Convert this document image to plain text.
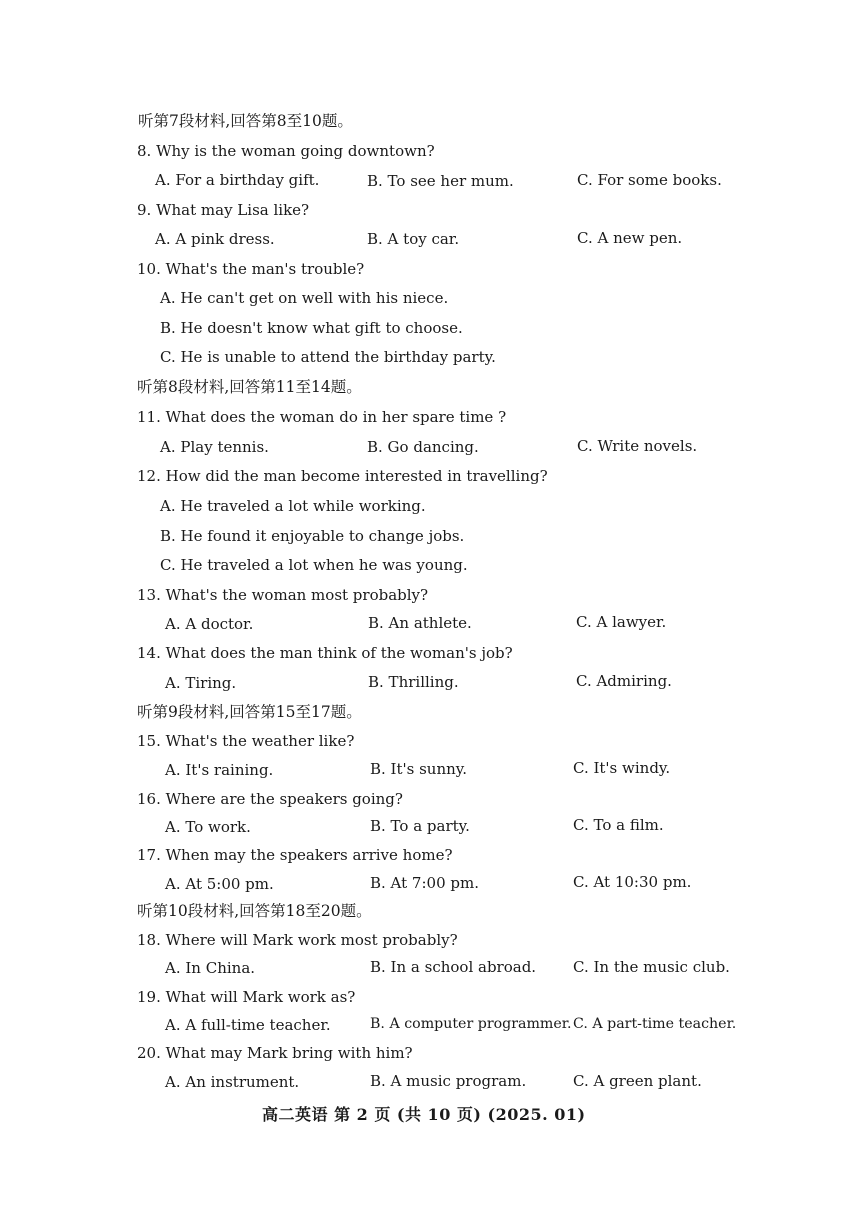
听第7段材料,回答第8至10题。
8. Why is the woman going downtown?
A. For a birthday gift.	B. To see her mum.	C. For some books.
9. What may Lisa like?
A. A pink dress.	B. A toy car.	C. A new pen.
10. What's the man's trouble?
A. He can't get on well with his niece.
B. He doesn't know what gift to choose.
C. He is unable to attend the birthday party.
听第8段材料,回答第11至14题。
11. What does the woman do in her spare time ?
A. Play tennis.	B. Go dancing.	C. Write novels.
12. How did the man become interested in travelling?
A. He traveled a lot while working.
B. He found it enjoyable to change jobs.
C. He traveled a lot when he was young.
13. What's the woman most probably?
A. A doctor.	B. An athlete.	C. A lawyer.
14. What does the man think of the woman's job?
A. Tiring.	B. Thrilling.	C. Admiring.
听第9段材料,回答第15至17题。
15. What's the weather like?
A. It's raining.	B. It's sunny.	C. It's windy.
16. Where are the speakers going?
A. To work.	B. To a party.	C. To a film.
17. When may the speakers arrive home?
A. At 5:00 pm.	B. At 7:00 pm.	C. At 10:30 pm.
听第10段材料,回答第18至20题。
18. Where will Mark work most probably?
A. In China.	B. In a school abroad. C. In the music club.
19. What will Mark work as?
A. A full-time teacher.	B. A computer programmer. C. A part-time teacher.
20. What may Mark bring with him?
A. An instrument.	B. A music program.	C. A green plant.
高二英语 第 2 页 (共 10 页) (2025. 01)
